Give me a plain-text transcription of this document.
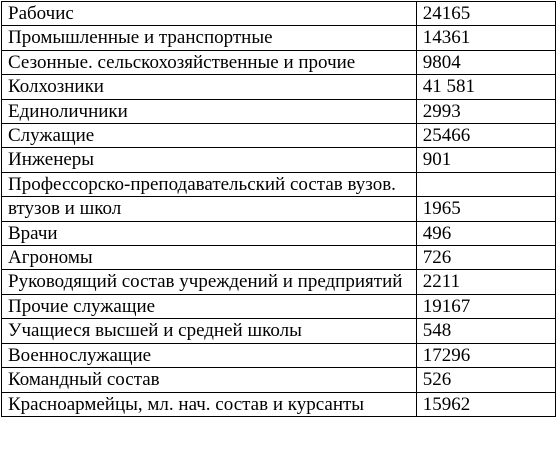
Рабочис	24165
Промышленные и транспортные	14361
Сезонные. сельскохозяйственные и прочие	9804
Колхозники	41 581
Единоличники	2993
Служащие	25466
Инженеры	901
Профессорско-преподавательский состав вузов.	
втузов и школ	1965
Врачи	496
Агрономы	726
Руководящий состав учреждений и предприятий	2211
Прочие служащие	19167
Учащиеся высшей и средней школы	548
Военнослужащие	17296
Командный состав	526
Красноармейцы, мл. нач. состав и курсанты	15962
